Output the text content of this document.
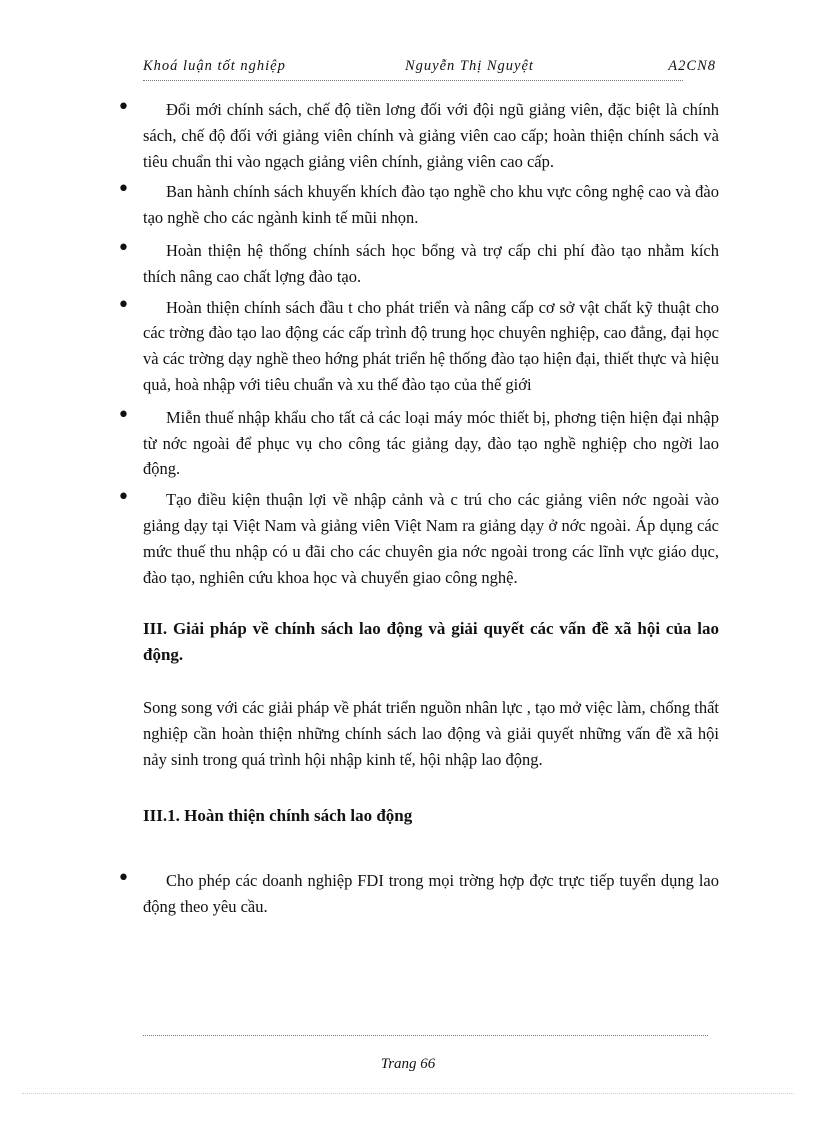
Khoá luận tốt nghiệp	Nguyễn Thị Nguyệt	A2CN8

• Đổi mới chính sách, chế độ tiền lơng đối với đội ngũ giảng viên, đặc biệt là chính sách, chế độ đối với giảng viên chính và giảng viên cao cấp; hoàn thiện chính sách và tiêu chuẩn thi vào ngạch giảng viên chính, giảng viên cao cấp.

• Ban hành chính sách khuyến khích đào tạo nghề cho khu vực công nghệ cao và đào tạo nghề cho các ngành kinh tế mũi nhọn.

• Hoàn thiện hệ thống chính sách học bổng và trợ cấp chi phí đào tạo nhằm kích thích nâng cao chất lợng đào tạo.

• Hoàn thiện chính sách đầu t cho phát triển và nâng cấp cơ sở vật chất kỹ thuật cho các trờng đào tạo lao động các cấp trình độ trung học chuyên nghiệp, cao đẳng, đại học và các trờng dạy nghề theo hớng phát triển hệ thống đào tạo hiện đại, thiết thực và hiệu quả, hoà nhập với tiêu chuẩn và xu thế đào tạo của thế giới

• Miễn thuế nhập khẩu cho tất cả các loại máy móc thiết bị, phơng tiện hiện đại nhập từ nớc ngoài để phục vụ cho công tác giảng dạy, đào tạo nghề nghiệp cho ngời lao động.

• Tạo điều kiện thuận lợi về nhập cảnh và c trú cho các giảng viên nớc ngoài vào giảng dạy tại Việt Nam và giảng viên Việt Nam ra giảng dạy ở nớc ngoài. Áp dụng các mức thuế thu nhập có u đãi cho các chuyên gia nớc ngoài trong các lĩnh vực giáo dục, đào tạo, nghiên cứu khoa học và chuyển giao công nghệ.

III. Giải pháp về chính sách lao động và giải quyết các vấn đề xã hội của lao động.

Song song với các giải pháp về phát triển nguồn nhân lực , tạo mở việc làm, chống thất nghiệp cần hoàn thiện những chính sách lao động và giải quyết những vấn đề xã hội nảy sinh trong quá trình hội nhập kinh tế, hội nhập lao động.

III.1. Hoàn thiện chính sách lao động

• Cho phép các doanh nghiệp FDI trong mọi trờng hợp đợc trực tiếp tuyển dụng lao động theo yêu cầu.

Trang 66
